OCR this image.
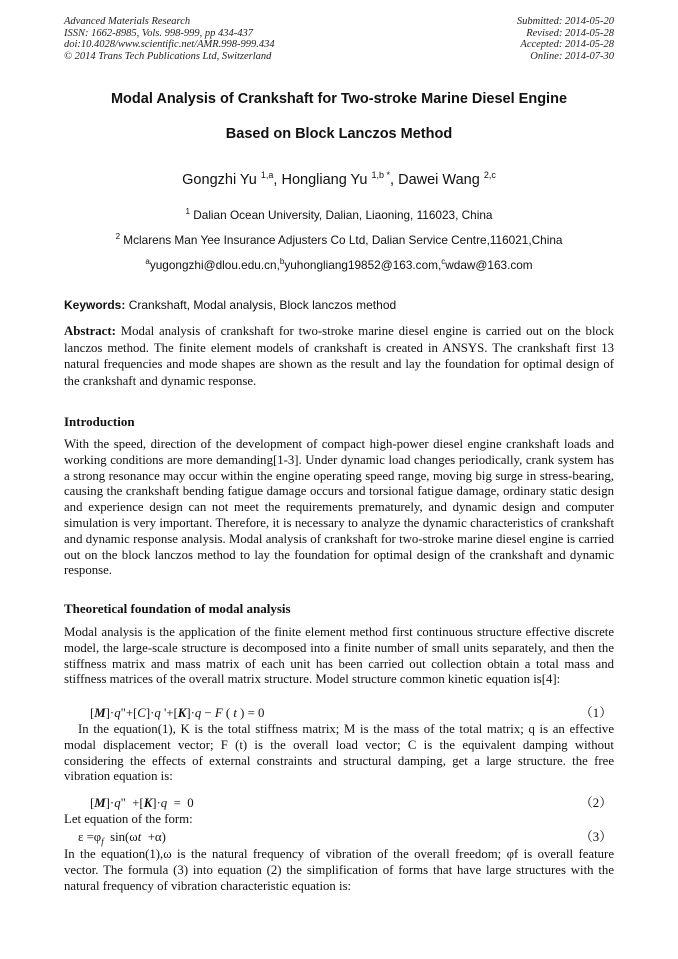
Advanced Materials Research
ISSN: 1662-8985, Vols. 998-999, pp 434-437
doi:10.4028/www.scientific.net/AMR.998-999.434
© 2014 Trans Tech Publications Ltd, Switzerland
Submitted: 2014-05-20
Revised: 2014-05-28
Accepted: 2014-05-28
Online: 2014-07-30
Modal Analysis of Crankshaft for Two-stroke Marine Diesel Engine
Based on Block Lanczos Method
Gongzhi Yu $^{1,a}$, Hongliang Yu $^{1,b *}$, Dawei Wang $^{2,c}$
$^1$ Dalian Ocean University, Dalian, Liaoning, 116023, China
$^2$ Mclarens Man Yee Insurance Adjusters Co Ltd, Dalian Service Centre,116021,China
$^a$yugongzhi@dlou.edu.cn,$^b$yuhongliang19852@163.com,$^c$wdaw@163.com
Keywords: Crankshaft, Modal analysis, Block lanczos method
Abstract: Modal analysis of crankshaft for two-stroke marine diesel engine is carried out on the block lanczos method. The finite element models of crankshaft is created in ANSYS. The crankshaft first 13 natural frequencies and mode shapes are shown as the result and lay the foundation for optimal design of the crankshaft and dynamic response.
Introduction
With the speed, direction of the development of compact high-power diesel engine crankshaft loads and working conditions are more demanding[1-3]. Under dynamic load changes periodically, crank system has a strong resonance may occur within the engine operating speed range, moving big surge in stress-bearing, causing the crankshaft bending fatigue damage occurs and torsional fatigue damage, ordinary static design and experience design can not meet the requirements prematurely, and dynamic design and computer simulation is very important. Therefore, it is necessary to analyze the dynamic characteristics of crankshaft and dynamic response analysis. Modal analysis of crankshaft for two-stroke marine diesel engine is carried out on the block lanczos method to lay the foundation for optimal design of the crankshaft and dynamic response.
Theoretical foundation of modal analysis
Modal analysis is the application of the finite element method first continuous structure effective discrete model, the large-scale structure is decomposed into a finite number of small units separately, and then the stiffness matrix and mass matrix of each unit has been carried out collection obtain a total mass and stiffness matrices of the overall matrix structure. Model structure common kinetic equation is[4]:
[M]·q"+[C]·q '+[K]·q − F ( t ) = 0	（1）
In the equation(1), K is the total stiffness matrix; M is the mass of the total matrix; q is an effective modal displacement vector; F (t) is the overall load vector; C is the equivalent damping without considering the effects of external constraints and structural damping, get a large structure. the free vibration equation is:
[M]·q"  +[K]·q  =  0	（2）
Let equation of the form:
$\varepsilon =\varphi_f$  sin(ωt  +α)	（3）
In the equation(1),ω is the natural frequency of vibration of the overall freedom; φf is overall feature vector. The formula (3) into equation (2) the simplification of forms that have large structures with the natural frequency of vibration characteristic equation is:
